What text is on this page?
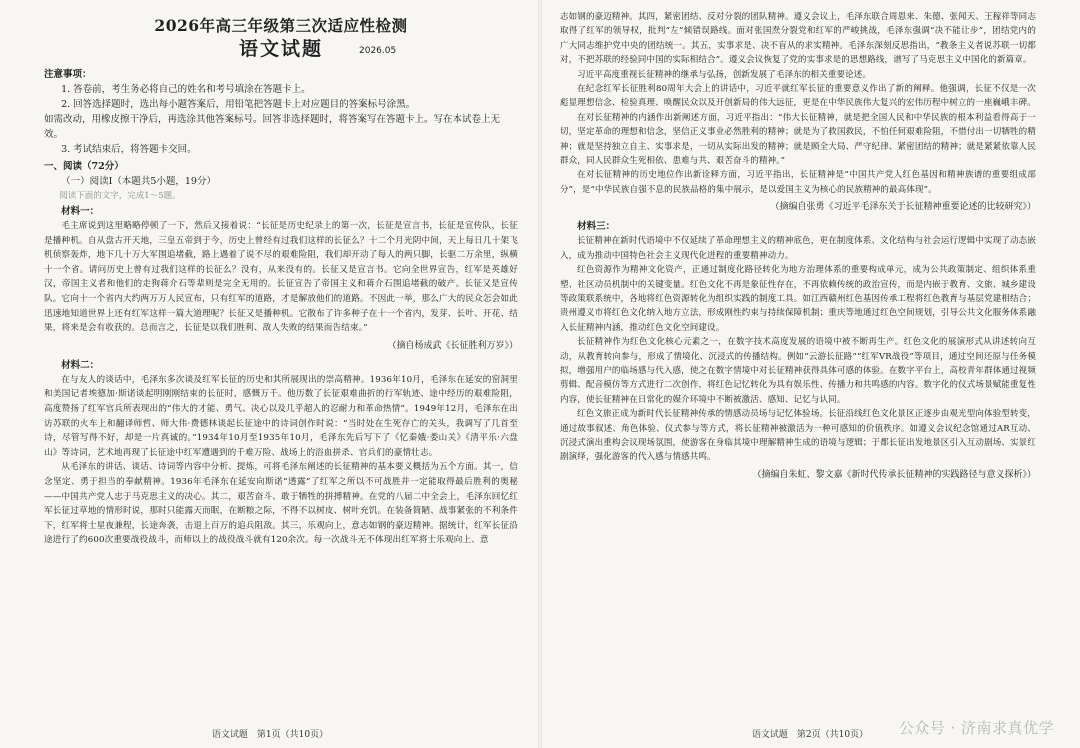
2026年高三年级第三次适应性检测
语文试题	2026.05
注意事项：

1. 答卷前，考生务必将自己的姓名和考号填涂在答题卡上。

2. 回答选择题时，选出每小题答案后，用铅笔把答题卡上对应题目的答案标号涂黑。

如需改动，用橡皮擦干净后，再选涂其他答案标号。回答非选择题时，将答案写在答题卡上。写在本试卷上无效。

3. 考试结束后，将答题卡交回。

一、阅读（72分）
（一）阅读Ⅰ（本题共5小题，19分）
阅读下面的文字，完成1～5题。
材料一：

毛主席说到这里略略停顿了一下，然后又接着说：“长征是历史纪录上的第一次，长征是宣言书，长征是宣传队，长征是播种机。自从盘古开天地，三皇五帝到于今，历史上曾经有过我们这样的长征么？十二个月光阴中间，天上每日几十架飞机侦察轰炸，地下几十万大军围追堵截，路上遇着了说不尽的艰难险阻，我们却开动了每人的两只脚，长驱二万余里，纵横十一个省。请问历史上曾有过我们这样的长征么？没有，从来没有的。长征又是宣言书。它向全世界宣告，红军是英雄好汉，帝国主义者和他们的走狗蒋介石等辈则是完全无用的。长征宣告了帝国主义和蒋介石围追堵截的破产。长征又是宣传队。它向十一个省内大约两万万人民宣布，只有红军的道路，才是解放他们的道路。不因此一举，那么广大的民众怎会如此迅速地知道世界上还有红军这样一篇大道理呢？长征又是播种机。它散布了许多种子在十一个省内，发芽、长叶、开花、结果，将来是会有收获的。总而言之，长征是以我们胜利、敌人失败的结果而告结束。”

（摘自杨成武《长征胜利万岁》）
材料二：

在与友人的谈话中，毛泽东多次谈及红军长征的历史和其所展现出的崇高精神。1936年10月，毛泽东在延安的窑洞里和美国记者埃德加·斯诺谈起明刚刚结束的长征时，感慨万千。他历数了长征艰难曲折的行军轨迹、途中经历的艰难险阻，高度赞扬了红军官兵所表现出的“伟大的才能、勇气、决心以及几乎超人的忍耐力和革命热情”。1949年12月，毛泽东在出访苏联的火车上和翻译师哲、师大伟·费德林谈起长征途中的诗词创作时说：“当时处在生死存亡的关头，我调写了几首至诗，尽管写得不好，却是一片真诚的。”1934年10月至1935年10月，毛泽东先后写下了《忆秦娥·娄山关》《清平乐·六盘山》等诗词，艺术地再现了长征途中红军遭遇到的千难万险、战场上的浴血拼杀、官兵们的豪情壮志。

从毛泽东的讲话、谈话、诗词等内容中分析、提炼，可将毛泽东阐述的长征精神的基本要义概括为五个方面。其一，信念坚定、勇于担当的奉献精神。1936年毛泽东在延安向斯诺“透露”了红军之所以不可战胜并一定能取得最后胜利的奥秘——中国共产党人忠于马克思主义的决心。其二，艰苦奋斗、敢于牺牲的拼搏精神。在党的八届二中全会上，毛泽东回忆红军长征过草地的情形时说，那时只能露天而眠，在断粮之际，不得不以树皮、树叶充饥。在装备简陋、战事紧张的不利条件下，红军将士星夜兼程，长途奔袭，击退上百万的追兵阻敌。其三，乐观向上，意志如钢的豪迈精神。据统计，红军长征沿途进行了约600次重要战役战斗，而师以上的战役战斗就有120余次。每一次战斗无不体现出红军将士乐观向上、意

语文试题　第1页（共10页）

志如钢的豪迈精神。其四，紧密团结、反对分裂的团队精神。遵义会议上，毛泽东联合周恩来、朱德、张闻天、王稼祥等同志取得了红军的领导权，批判“左”倾错误路线。面对张国焘分裂党和红军的严峻挑战，毛泽东强调“决不能让步”，团结党内的广大同志维护党中央的团结统一。其五，实事求是、决不盲从的求实精神。毛泽东深刻反思指出，“教条主义者说苏联一切都对，不把苏联的经验同中国的实际相结合”。遵义会议恢复了党的实事求是的思想路线，谱写了马克思主义中国化的新篇章。

习近平高度重视长征精神的继承与弘扬，创新发展了毛泽东的相关重要论述。

在纪念红军长征胜利80周年大会上的讲话中，习近平就红军长征的重要意义作出了新的阐释。他强调，长征不仅是一次彪显理想信念、检验真理、唤醒民众以及开创新局的伟大远征，更是在中华民族伟大复兴的宏伟历程中树立的一座巍峨丰碑。

在对长征精神的内涵作出新阐述方面，习近平指出：“伟大长征精神，就是把全国人民和中华民族的根本利益看得高于一切，坚定革命的理想和信念，坚信正义事业必然胜利的精神；就是为了救国救民，不怕任何艰难险阻，不惜付出一切牺牲的精神；就是坚持独立自主、实事求是，一切从实际出发的精神；就是顾全大局、严守纪律、紧密团结的精神；就是紧紧依靠人民群众，同人民群众生死相依、患难与共、艰苦奋斗的精神。”

在对长征精神的历史地位作出新诠释方面，习近平指出，长征精神是“中国共产党人红色基因和精神族谱的重要组成部分”，是“中华民族自强不息的民族品格的集中展示，是以爱国主义为核心的民族精神的最高体现”。

（摘编自张勇《习近平毛泽东关于长征精神重要论述的比较研究》）
材料三：

长征精神在新时代语境中不仅延续了革命理想主义的精神底色，更在制度体系、文化结构与社会运行逻辑中实现了动态嵌入，成为推动中国特色社会主义现代化进程的重要精神动力。

红色资源作为精神文化资产，正通过制度化路径转化为地方治理体系的重要构成单元，成为公共政策制定、组织体系重塑、社区动员机制中的关键变量。红色文化不再是象征性存在，不再依赖传统的政治宣传，而是内嵌于教育、文旅、城乡建设等政策联系统中，各地将红色资源转化为组织实践的制度工具。如江西赣州红色基因传承工程将红色教育与基层党建相结合；贵州遵义市将红色文化纳入地方立法，形成刚性约束与持续保障机制；重庆等地通过红色空间规划，引导公共文化服务体系融入长征精神内涵，推动红色文化空间建设。

长征精神作为红色文化核心元素之一，在数字技术高度发展的语境中被不断再生产。红色文化的展演形式从讲述转向互动，从教育转向参与，形成了情境化、沉浸式的传播结构。例如“云游长征路”“红军VR战役”等项目，通过空间还原与任务模拟，增强用户的临场感与代入感，使之在数字情境中对长征精神获得具体可感的体验。在数字平台上，高校青年群体通过视频剪辑、配音模仿等方式进行二次创作，将红色记忆转化为具有娱乐性、传播力和共鸣感的内容。数字化的仪式场景赋能重复性内容，使长征精神在日常化的媒介环境中不断被激活、感知、记忆与认同。

红色文旅正成为新时代长征精神传承的情感动员场与记忆体验场。长征沿线红色文化景区正逐步由观光型向体验型转变，通过故事叙述、角色体验、仪式参与等方式，将长征精神被激活为一种可感知的价值秩序。如遵义会议纪念馆通过AR互动、沉浸式演出重构会议现场氛围，使游客在身临其境中理解精神生成的语境与逻辑；于都长征出发地景区引入互动剧场、实景红剧演绎，强化游客的代入感与情感共鸣。

（摘编自朱虹、黎文嘉《新时代传承长征精神的实践路径与意义探析》）
语文试题　第2页（共10页）	公众号 · 济南求真优学
